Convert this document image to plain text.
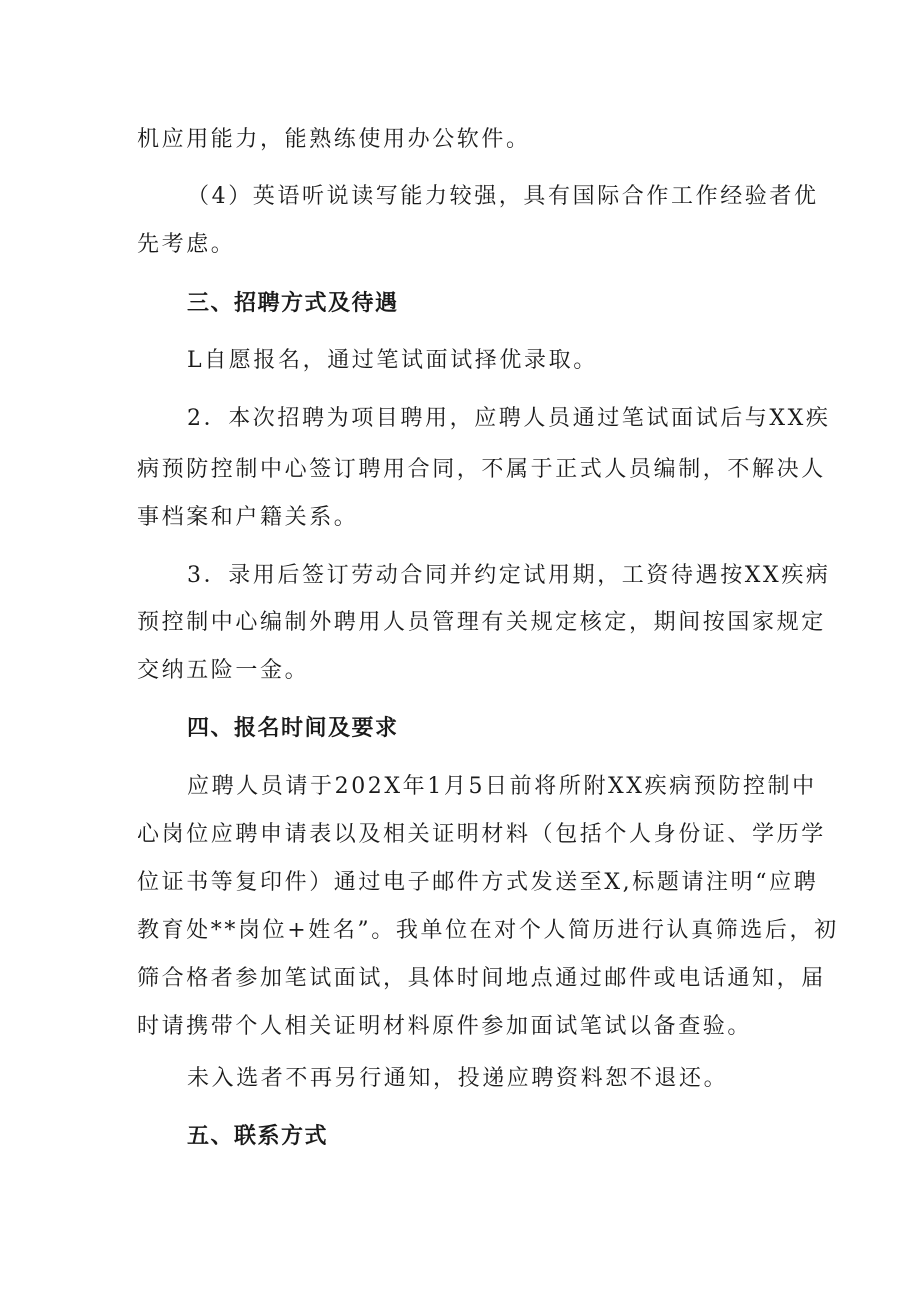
机应用能力，能熟练使用办公软件。
（4）英语听说读写能力较强，具有国际合作工作经验者优
先考虑。
三、招聘方式及待遇
L自愿报名，通过笔试面试择优录取。
2．本次招聘为项目聘用，应聘人员通过笔试面试后与XX疾
病预防控制中心签订聘用合同，不属于正式人员编制，不解决人
事档案和户籍关系。
3．录用后签订劳动合同并约定试用期，工资待遇按XX疾病
预控制中心编制外聘用人员管理有关规定核定，期间按国家规定
交纳五险一金。
四、报名时间及要求
应聘人员请于202X年1月5日前将所附XX疾病预防控制中
心岗位应聘申请表以及相关证明材料（包括个人身份证、学历学
位证书等复印件）通过电子邮件方式发送至X,标题请注明“应聘
教育处**岗位+姓名”。我单位在对个人简历进行认真筛选后，初
筛合格者参加笔试面试，具体时间地点通过邮件或电话通知，届
时请携带个人相关证明材料原件参加面试笔试以备查验。
未入选者不再另行通知，投递应聘资料恕不退还。
五、联系方式
